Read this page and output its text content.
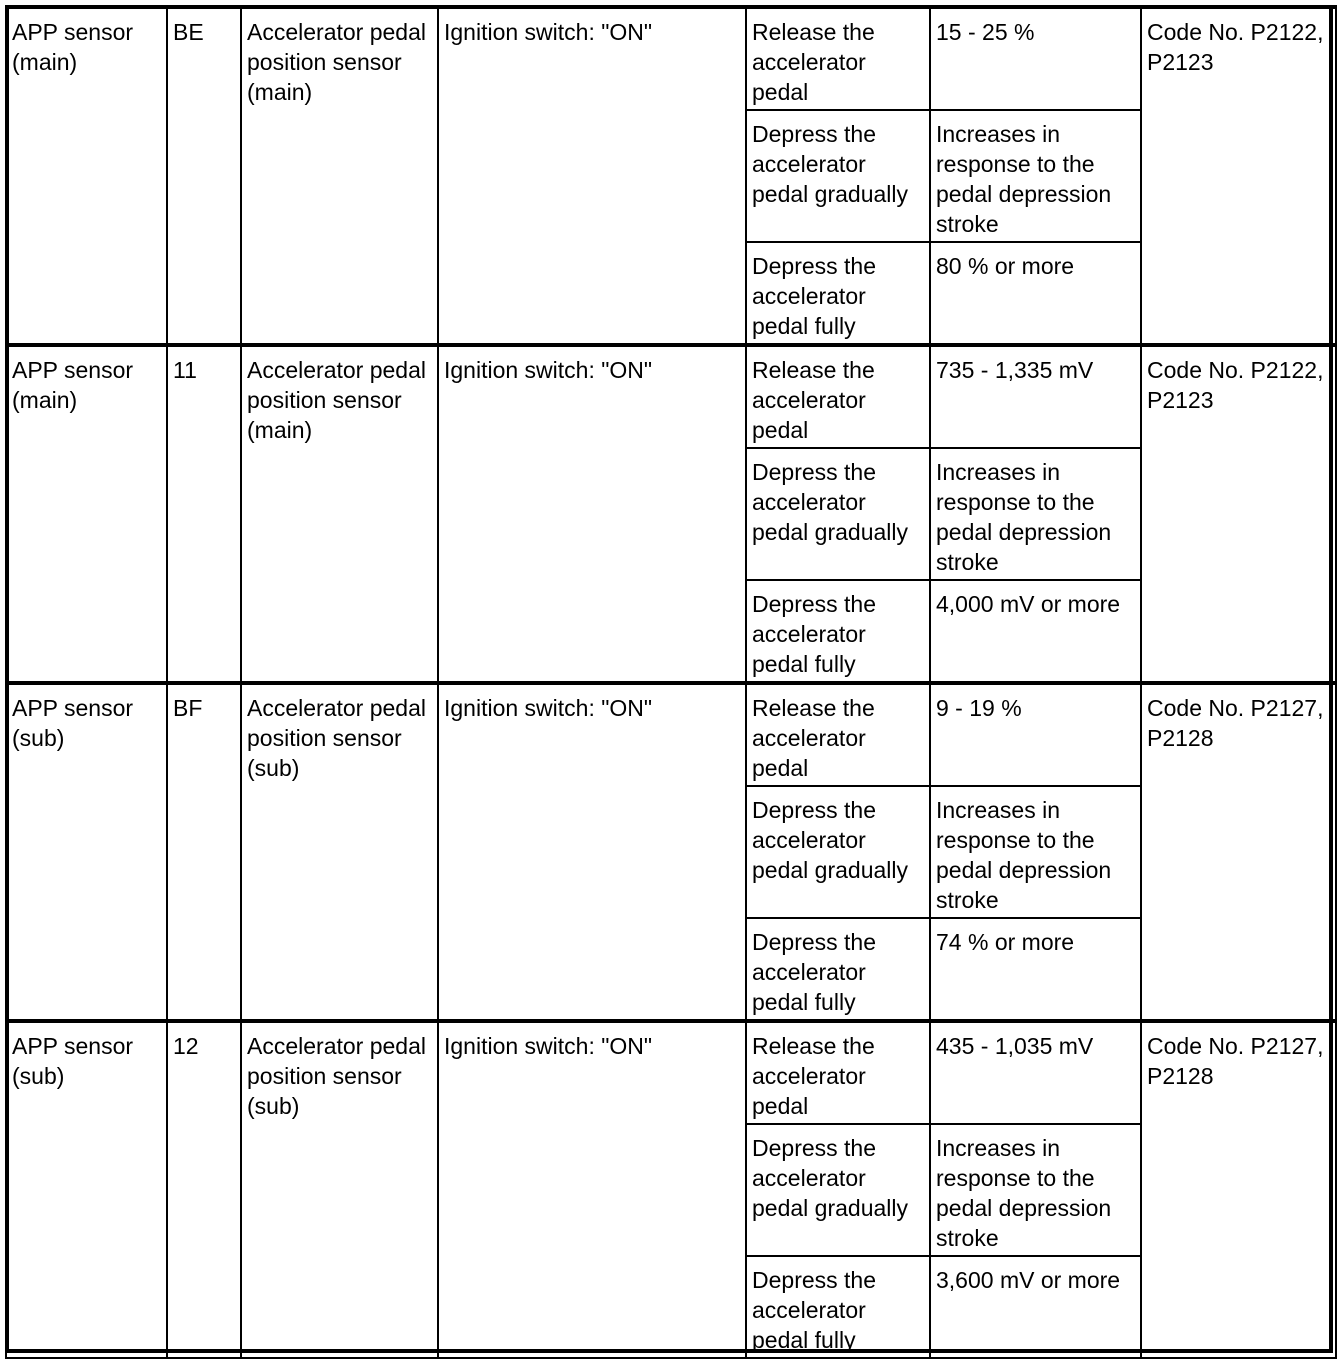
APP sensor (main)	BE	Accelerator pedal position sensor (main)	Ignition switch: "ON"	Release the accelerator pedal	15 - 25 %	Code No. P2122, P2123

				Depress the accelerator pedal gradually	Increases in response to the pedal depression stroke	

				Depress the accelerator pedal fully	80 % or more	

APP sensor (main)	11	Accelerator pedal position sensor (main)	Ignition switch: "ON"	Release the accelerator pedal	735 - 1,335 mV	Code No. P2122, P2123

				Depress the accelerator pedal gradually	Increases in response to the pedal depression stroke	

				Depress the accelerator pedal fully	4,000 mV or more	

APP sensor (sub)	BF	Accelerator pedal position sensor (sub)	Ignition switch: "ON"	Release the accelerator pedal	9 - 19 %	Code No. P2127, P2128

				Depress the accelerator pedal gradually	Increases in response to the pedal depression stroke	

				Depress the accelerator pedal fully	74 % or more	

APP sensor (sub)	12	Accelerator pedal position sensor (sub)	Ignition switch: "ON"	Release the accelerator pedal	435 - 1,035 mV	Code No. P2127, P2128

				Depress the accelerator pedal gradually	Increases in response to the pedal depression stroke	

				Depress the accelerator pedal fully	3,600 mV or more	
